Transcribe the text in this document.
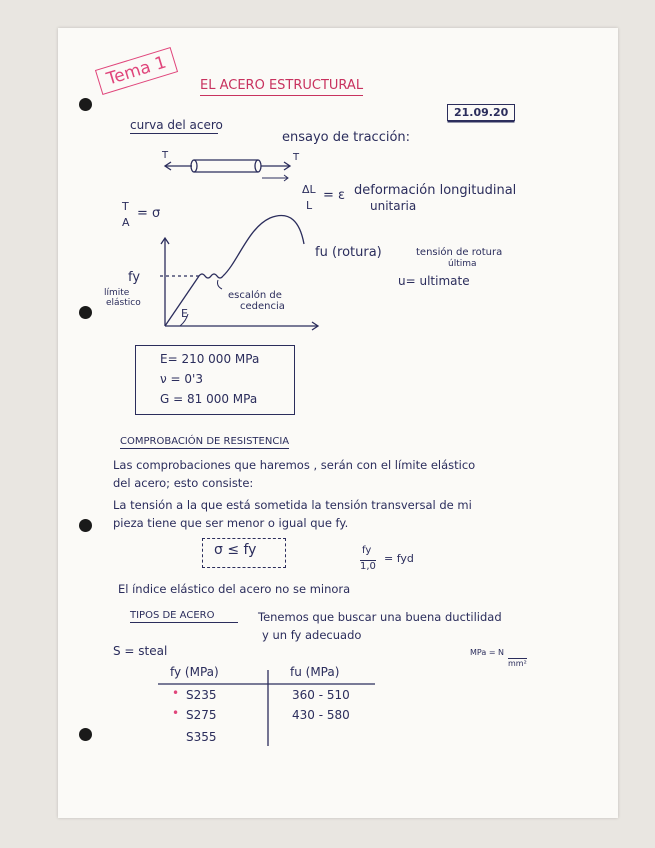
Tema 1	EL ACERO ESTRUCTURAL
21.09.20
curva del acero
ensayo de tracción:
T	T
ΔL
L
= ε deformación longitudinal
unitaria
T
A
= σ
fu (rotura)	tensión de rotura
última
u= ultimate
fy
límite
elástico
escalón de
cedencia
E
E= 210 000 MPa
ν = 0'3
G = 81 000 MPa
COMPROBACIÓN DE RESISTENCIA
Las comprobaciones que haremos , serán con el límite elástico
del acero; esto consiste:
La tensión a la que está sometida la tensión transversal de mi
pieza tiene que ser menor o igual que fy.
σ ≤ fy	fy
1,0
= fyd
El índice elástico del acero no se minora
TIPOS DE ACERO	Tenemos que buscar una buena ductilidad
y un fy adecuado
S = steal	MPa = N
mm²
fy (MPa)	fu (MPa)
•
•
S235	360 - 510
S275	430 - 580
S355
